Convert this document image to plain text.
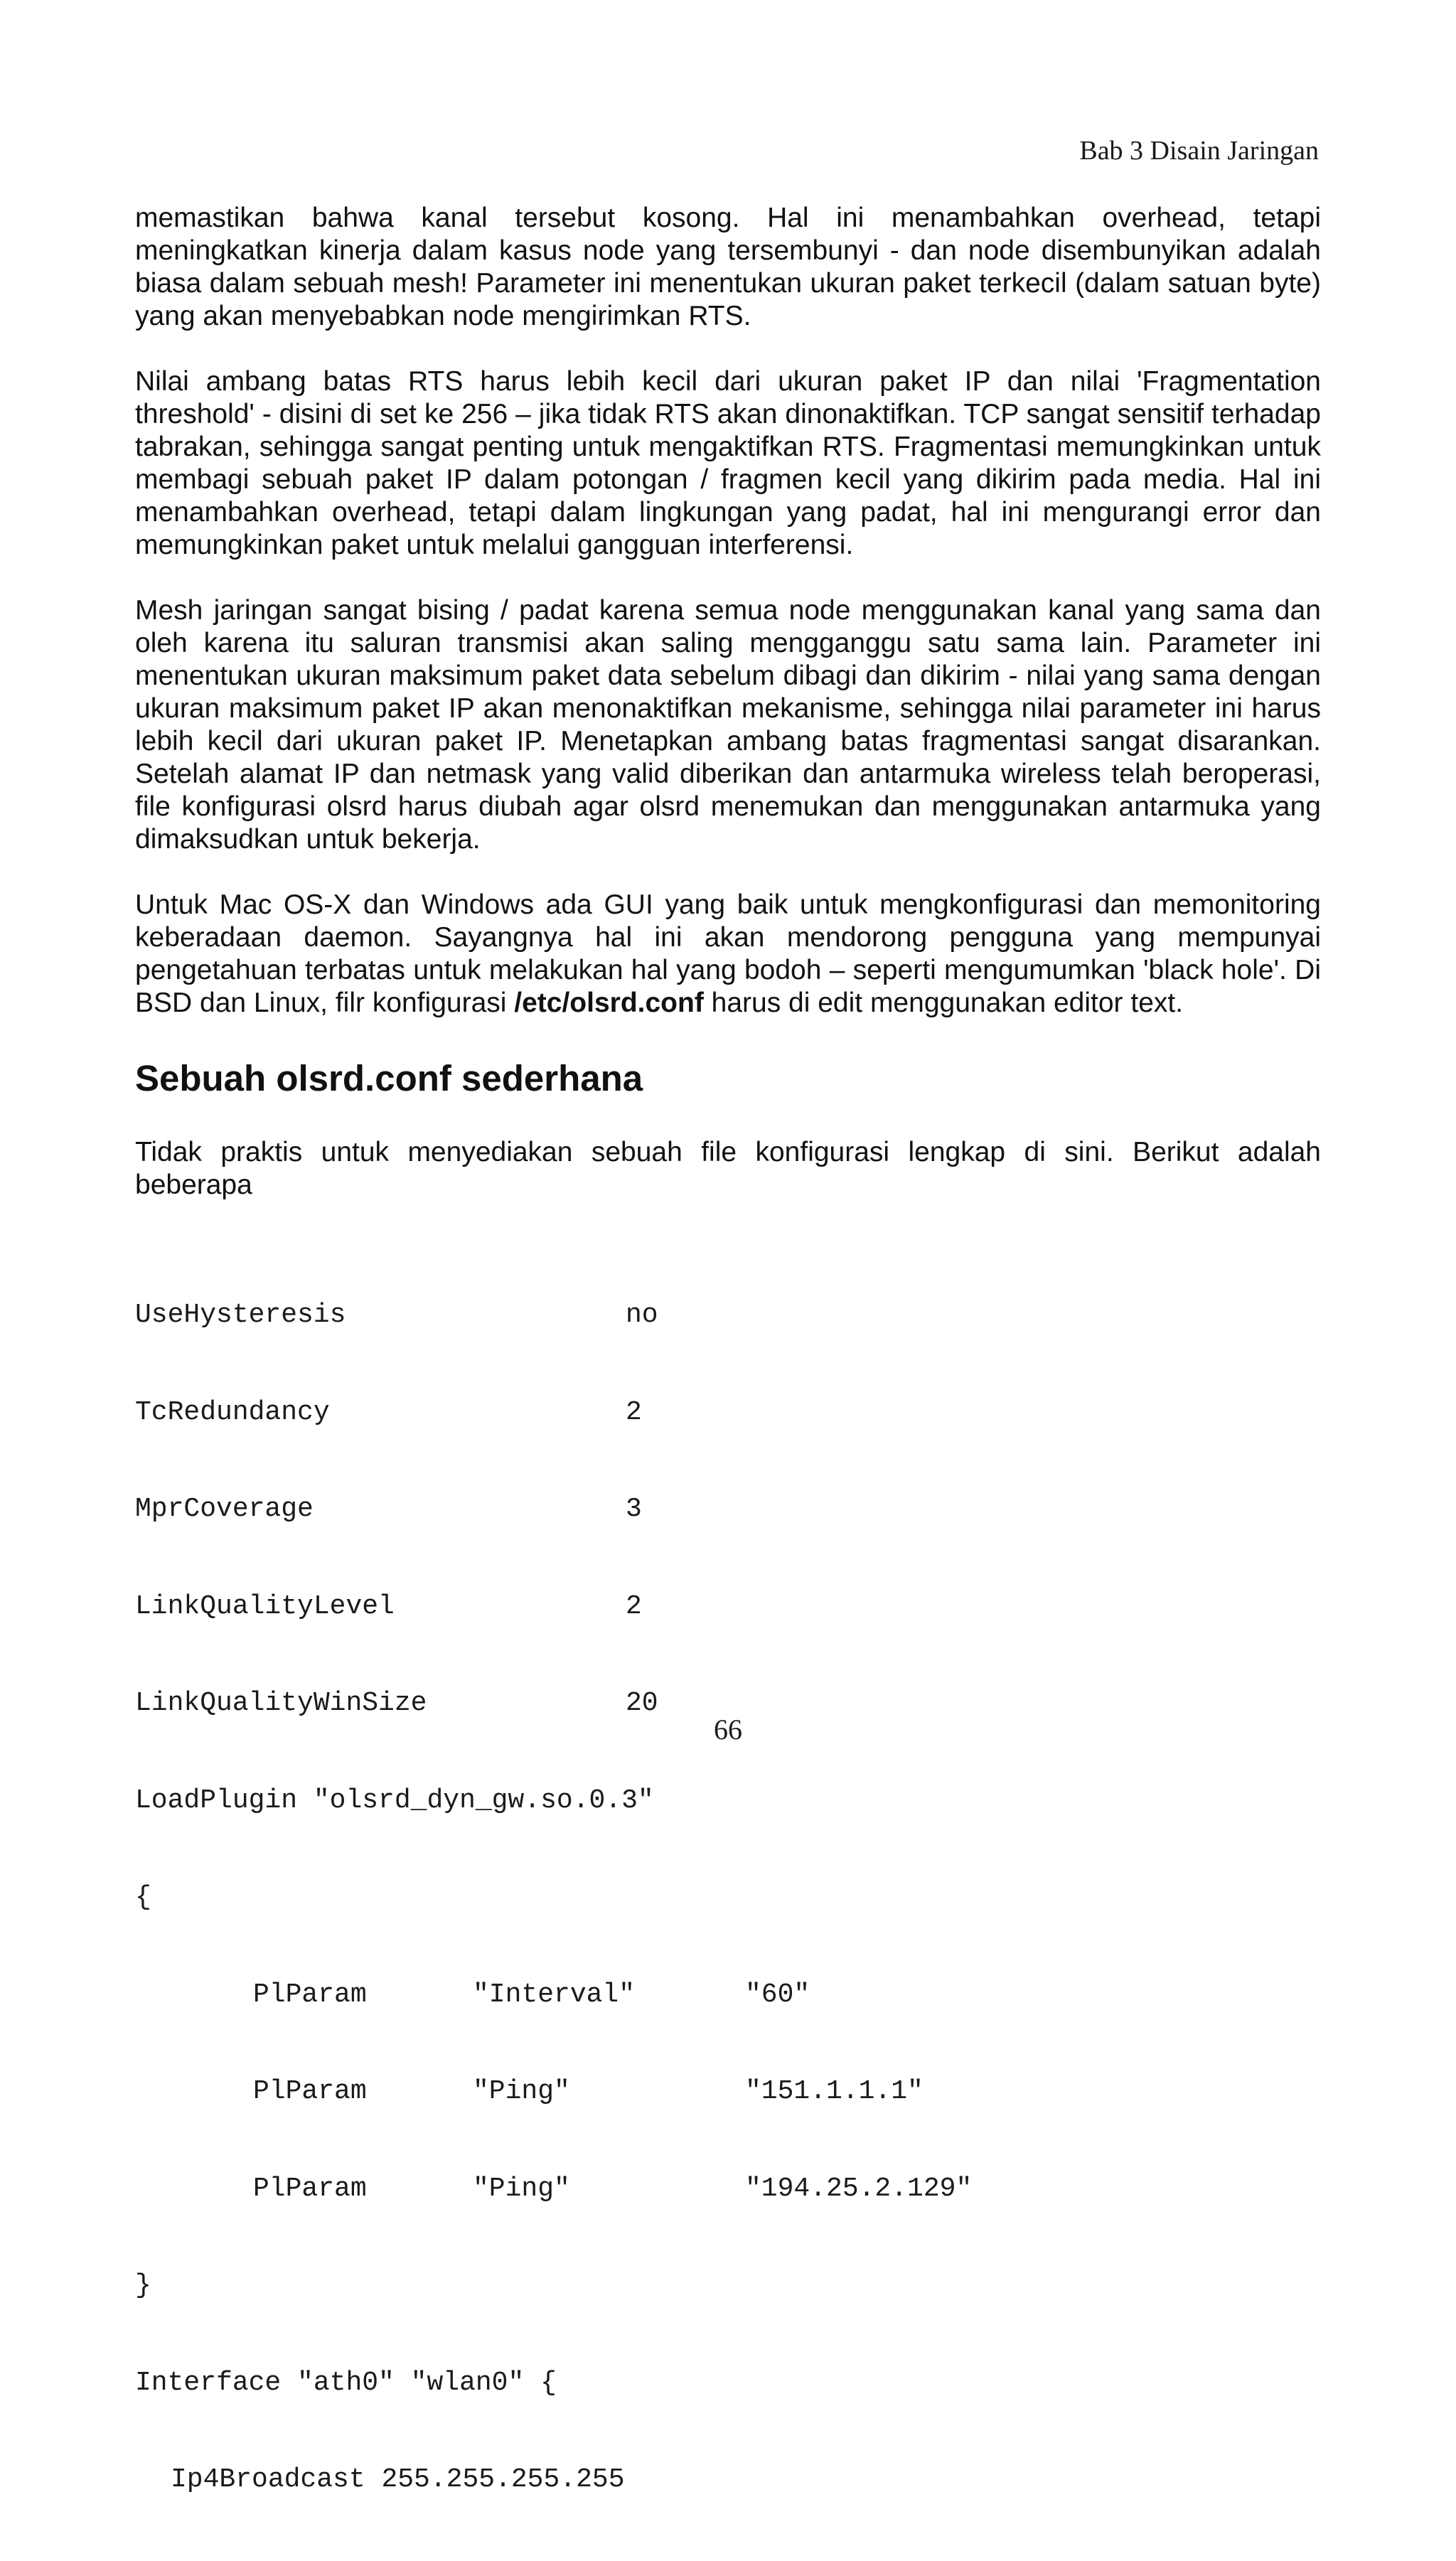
Bab 3 Disain Jaringan

memastikan bahwa kanal tersebut kosong. Hal ini menambahkan overhead, tetapi meningkatkan kinerja dalam kasus node yang tersembunyi - dan node disembunyikan adalah biasa dalam sebuah mesh! Parameter ini menentukan ukuran paket terkecil (dalam satuan byte) yang akan menyebabkan node mengirimkan RTS.

Nilai ambang batas RTS harus lebih kecil dari ukuran paket IP dan nilai 'Fragmentation threshold' - disini di set ke 256 – jika tidak RTS akan dinonaktifkan. TCP sangat sensitif terhadap tabrakan, sehingga sangat penting untuk mengaktifkan RTS. Fragmentasi memungkinkan untuk membagi sebuah paket IP dalam potongan / fragmen kecil yang dikirim pada media. Hal ini menambahkan overhead, tetapi dalam lingkungan yang padat, hal ini mengurangi error dan memungkinkan paket untuk melalui gangguan interferensi.

Mesh jaringan sangat bising / padat karena semua node menggunakan kanal yang sama dan oleh karena itu saluran transmisi akan saling mengganggu satu sama lain. Parameter ini menentukan ukuran maksimum paket data sebelum dibagi dan dikirim - nilai yang sama dengan ukuran maksimum paket IP akan menonaktifkan mekanisme, sehingga nilai parameter ini harus lebih kecil dari ukuran paket IP. Menetapkan ambang batas fragmentasi sangat disarankan. Setelah alamat IP dan netmask yang valid diberikan dan antarmuka wireless telah beroperasi, file konfigurasi olsrd harus diubah agar olsrd menemukan dan menggunakan antarmuka yang dimaksudkan untuk bekerja.

Untuk Mac OS-X dan Windows ada GUI yang baik untuk mengkonfigurasi dan memonitoring keberadaan daemon. Sayangnya hal ini akan mendorong pengguna yang mempunyai pengetahuan terbatas untuk melakukan hal yang bodoh – seperti mengumumkan 'black hole'. Di BSD dan Linux, filr konfigurasi /etc/olsrd.conf harus di edit menggunakan editor text.

Sebuah olsrd.conf sederhana

Tidak praktis untuk menyediakan sebuah file konfigurasi lengkap di sini. Berikut adalah beberapa

UseHysteresis	no

TcRedundancy	2

MprCoverage	3

LinkQualityLevel	2

LinkQualityWinSize	20

LoadPlugin "olsrd_dyn_gw.so.0.3"

{

PlParam	"Interval"	"60"

PlParam	"Ping"	"151.1.1.1"

PlParam	"Ping"	"194.25.2.129"

}

Interface "ath0" "wlan0" {

Ip4Broadcast 255.255.255.255

66
